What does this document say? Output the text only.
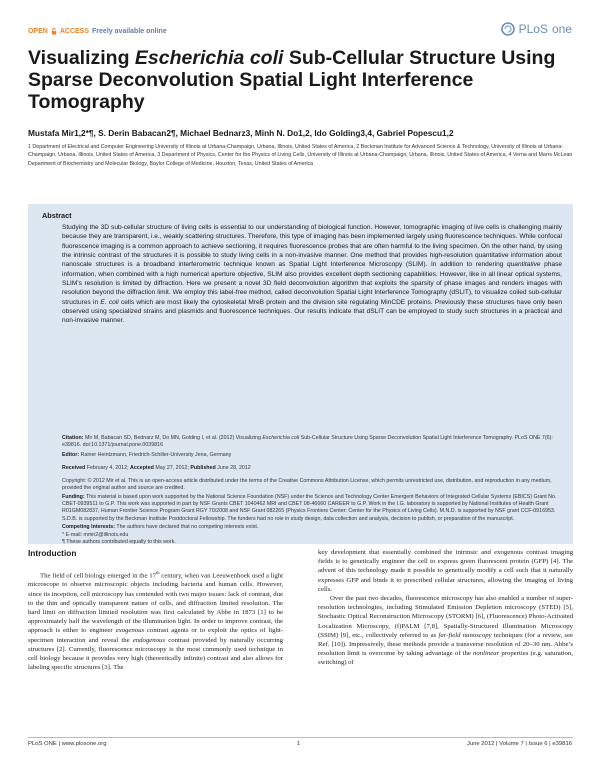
OPEN ACCESS Freely available online	PLoS one
Visualizing Escherichia coli Sub-Cellular Structure Using Sparse Deconvolution Spatial Light Interference Tomography
Mustafa Mir1,2*¶, S. Derin Babacan2¶, Michael Bednarz3, Minh N. Do1,2, Ido Golding3,4, Gabriel Popescu1,2
1 Department of Electrical and Computer Engineering University of Illinois at Urbana-Champaign, Urbana, Illinois, United States of America, 2 Beckman Institute for Advanced Science & Technology, University of Illinois at Urbana-Champaign, Urbana, Illinois, United States of America, 3 Department of Physics, Center for the Physics of Living Cells, University of Illinois at Urbana-Champaign, Urbana, Illinois, United States of America, 4 Verna and Marrs McLean Department of Biochemistry and Molecular Biology, Baylor College of Medicine, Houston, Texas, United States of America
Abstract
Studying the 3D sub-cellular structure of living cells is essential to our understanding of biological function. However, tomographic imaging of live cells is challenging mainly because they are transparent, i.e., weakly scattering structures. Therefore, this type of imaging has been implemented largely using fluorescence techniques. While confocal fluorescence imaging is a common approach to achieve sectioning, it requires fluorescence probes that are often harmful to the living specimen. On the other hand, by using the intrinsic contrast of the structures it is possible to study living cells in a non-invasive manner. One method that provides high-resolution quantitative information about nanoscale structures is a broadband interferometric technique known as Spatial Light Interference Microscopy (SLIM). In addition to rendering quantitative phase information, when combined with a high numerical aperture objective, SLIM also provides excellent depth sectioning capabilities. However, like in all linear optical systems, SLIM’s resolution is limited by diffraction. Here we present a novel 3D field deconvolution algorithm that exploits the sparsity of phase images and renders images with resolution beyond the diffraction limit. We employ this label-free method, called deconvolution Spatial Light Interference Tomography (dSLIT), to visualize coiled sub-cellular structures in E. coli cells which are most likely the cytoskeletal MreB protein and the division site regulating MinCDE proteins. Previously these structures have only been observed using specialized strains and plasmids and fluorescence techniques. Our results indicate that dSLIT can be employed to study such structures in a practical and non-invasive manner.
Citation: Mir M, Babacan SD, Bednarz M, Do MN, Golding I, et al. (2012) Visualizing Escherichia coli Sub-Cellular Structure Using Sparse Deconvolution Spatial Light Interference Tomography. PLoS ONE 7(6): e39816. doi:10.1371/journal.pone.0039816
Editor: Rainer Heintzmann, Friedrich-Schiller-University Jena, Germany
Received February 4, 2012; Accepted May 27, 2012; Published June 28, 2012
Copyright: © 2012 Mir et al. This is an open-access article distributed under the terms of the Creative Commons Attribution License, which permits unrestricted use, distribution, and reproduction in any medium, provided the original author and source are credited.
Funding: This material is based upon work supported by the National Science Foundation (NSF) under the Science and Technology Center Emergent Behaviors of Integrated Cellular Systems (EBICS) Grant No. CBET-0939511 to G.P. This work was supported in part by NSF Grants CBET 1040462 MRI and CBET 08-46660 CAREER to G.P. Work in the I.G. laboratory is supported by National Institutes of Health Grant R01GM082837, Human Frontier Science Program Grant RGY 70/2008 and NSF Grant 082265 (Physics Frontiers Center: Center for the Physics of Living Cells). M.N.D. is supported by NSF grant CCF-0916953. S.D.B. is supported by the Beckman Institute Postdoctoral Fellowship. The funders had no role in study design, data collection and analysis, decision to publish, or preparation of the manuscript.
Competing Interests: The authors have declared that no competing interests exist.
* E-mail: mmir2@illinois.edu
¶ These authors contributed equally to this work.
Introduction

The field of cell biology emerged in the 17th century, when van Leeuwenhoek used a light microscope to observe microscopic objects including bacteria and human cells. However, since its inception, cell microscopy has contended with two major issues: lack of contrast, due to the thin and optically transparent nature of cells, and diffraction limited resolution. The hard limit on diffraction limited resolution was first calculated by Abbe in 1873 [1] to be approximately half the wavelength of the illumination light. In order to improve contrast, the approach is either to engineer exogenous contrast agents or to exploit the optics of light-specimen interaction and reveal the endogenous contrast provided by naturally occurring structures [2]. Currently, fluorescence microscopy is the most commonly used technique in cell biology because it provides very high (theoretically infinite) contrast and also allows for labeling specific structures [3]. The

key development that essentially combined the intrinsic and exogenous contrast imaging fields is to genetically engineer the cell to express green fluorescent protein (GFP) [4]. The advent of this technology made it possible to genetically modify a cell such that it naturally expresses GFP and binds it to prescribed cellular structures, allowing the imaging of living cells.

Over the past two decades, fluorescence microscopy has also enabled a number of super-resolution technologies, including Stimulated Emission Depletion microscopy (STED) [5], Stochastic Optical Reconstruction Microscopy (STORM) [6], (Fluorescence) Photo-Activated Localization Microscopy, (f)PALM [7,8], Spatially-Structured Illumination Microscopy (SSIM) [9], etc., collectively referred to as far-field nanoscopy techniques (for a review, see Ref. [10]). Impressively, these methods provide a transverse resolution of 20–30 nm. Abbe’s resolution limit is overcome by taking advantage of the nonlinear properties (e.g. saturation, switching) of

PLoS ONE | www.plosone.org	1	June 2012 | Volume 7 | Issue 6 | e39816
